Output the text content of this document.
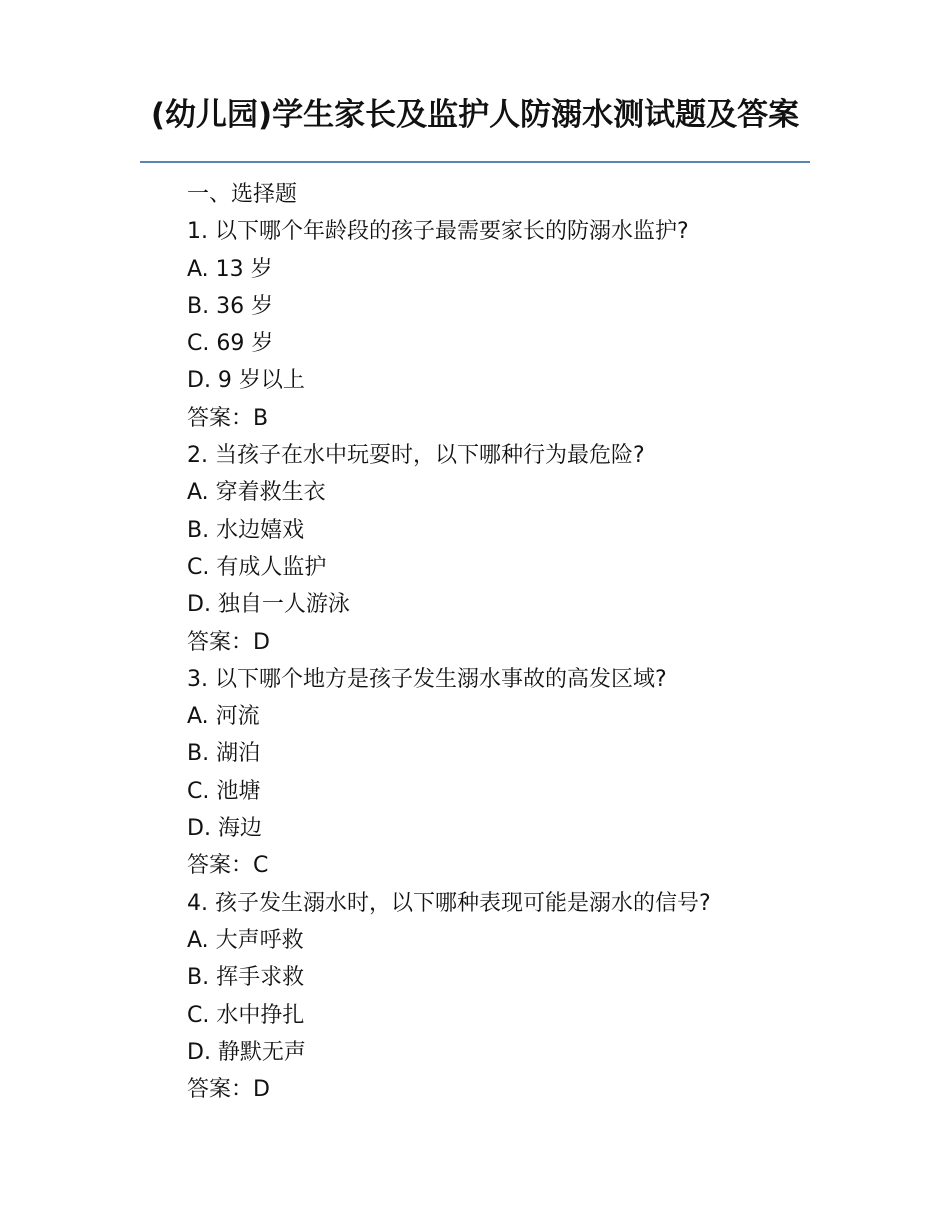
(幼儿园)学生家长及监护人防溺水测试题及答案
一、选择题
1. 以下哪个年龄段的孩子最需要家长的防溺水监护?
A. 13 岁
B. 36 岁
C. 69 岁
D. 9 岁以上
答案：B
2. 当孩子在水中玩耍时，以下哪种行为最危险?
A. 穿着救生衣
B. 水边嬉戏
C. 有成人监护
D. 独自一人游泳
答案：D
3. 以下哪个地方是孩子发生溺水事故的高发区域?
A. 河流
B. 湖泊
C. 池塘
D. 海边
答案：C
4. 孩子发生溺水时，以下哪种表现可能是溺水的信号?
A. 大声呼救
B. 挥手求救
C. 水中挣扎
D. 静默无声
答案：D
